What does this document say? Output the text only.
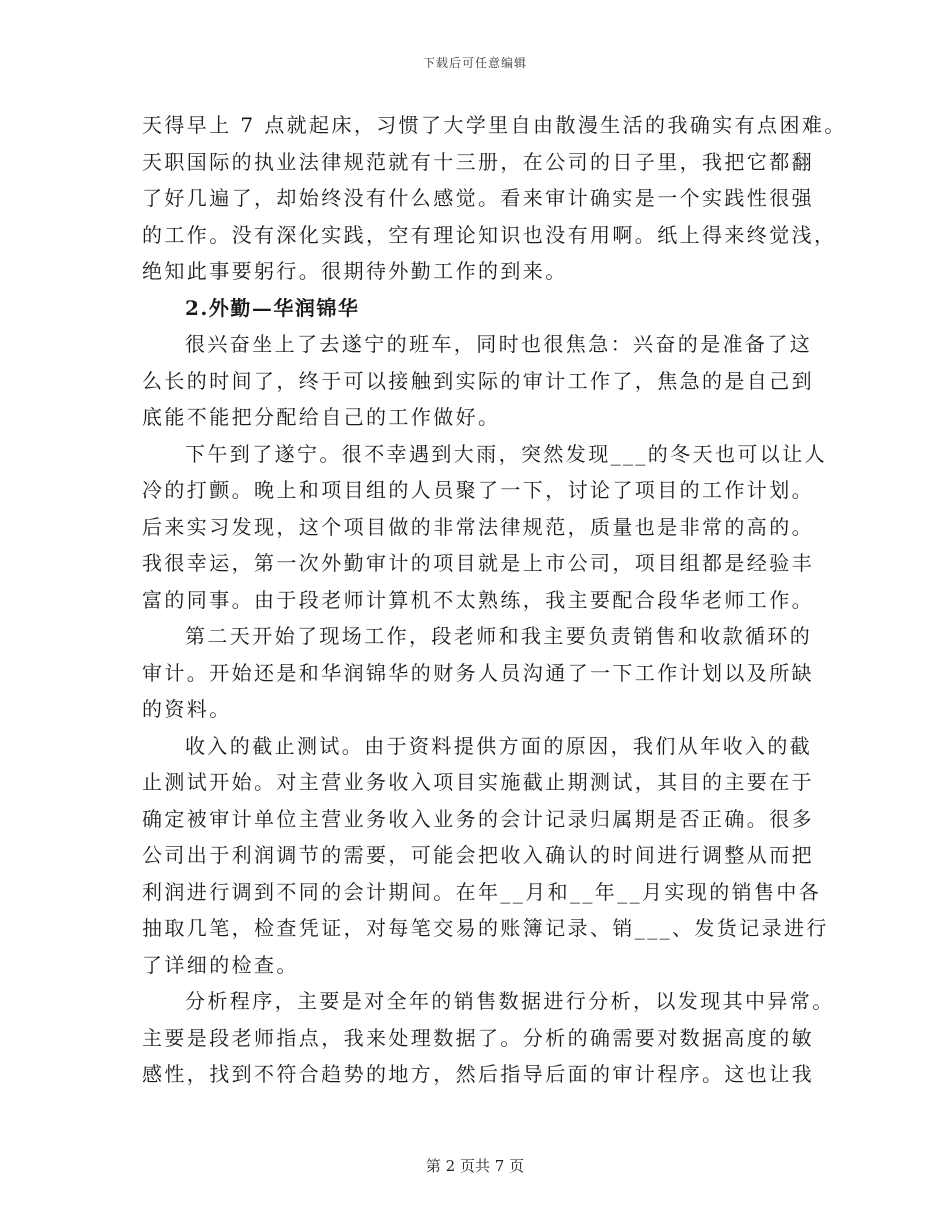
下载后可任意编辑
天得早上 7 点就起床，习惯了大学里自由散漫生活的我确实有点困难。
天职国际的执业法律规范就有十三册，在公司的日子里，我把它都翻
了好几遍了，却始终没有什么感觉。看来审计确实是一个实践性很强
的工作。没有深化实践，空有理论知识也没有用啊。纸上得来终觉浅，
绝知此事要躬行。很期待外勤工作的到来。
2.外勤—华润锦华
很兴奋坐上了去遂宁的班车，同时也很焦急：兴奋的是准备了这
么长的时间了，终于可以接触到实际的审计工作了，焦急的是自己到
底能不能把分配给自己的工作做好。
下午到了遂宁。很不幸遇到大雨，突然发现___的冬天也可以让人
冷的打颤。晚上和项目组的人员聚了一下，讨论了项目的工作计划。
后来实习发现，这个项目做的非常法律规范，质量也是非常的高的。
我很幸运，第一次外勤审计的项目就是上市公司，项目组都是经验丰
富的同事。由于段老师计算机不太熟练，我主要配合段华老师工作。
第二天开始了现场工作，段老师和我主要负责销售和收款循环的
审计。开始还是和华润锦华的财务人员沟通了一下工作计划以及所缺
的资料。
收入的截止测试。由于资料提供方面的原因，我们从年收入的截
止测试开始。对主营业务收入项目实施截止期测试，其目的主要在于
确定被审计单位主营业务收入业务的会计记录归属期是否正确。很多
公司出于利润调节的需要，可能会把收入确认的时间进行调整从而把
利润进行调到不同的会计期间。在年__月和__年__月实现的销售中各
抽取几笔，检查凭证，对每笔交易的账簿记录、销___、发货记录进行
了详细的检查。
分析程序，主要是对全年的销售数据进行分析，以发现其中异常。
主要是段老师指点，我来处理数据了。分析的确需要对数据高度的敏
感性，找到不符合趋势的地方，然后指导后面的审计程序。这也让我
第 2 页共 7 页
